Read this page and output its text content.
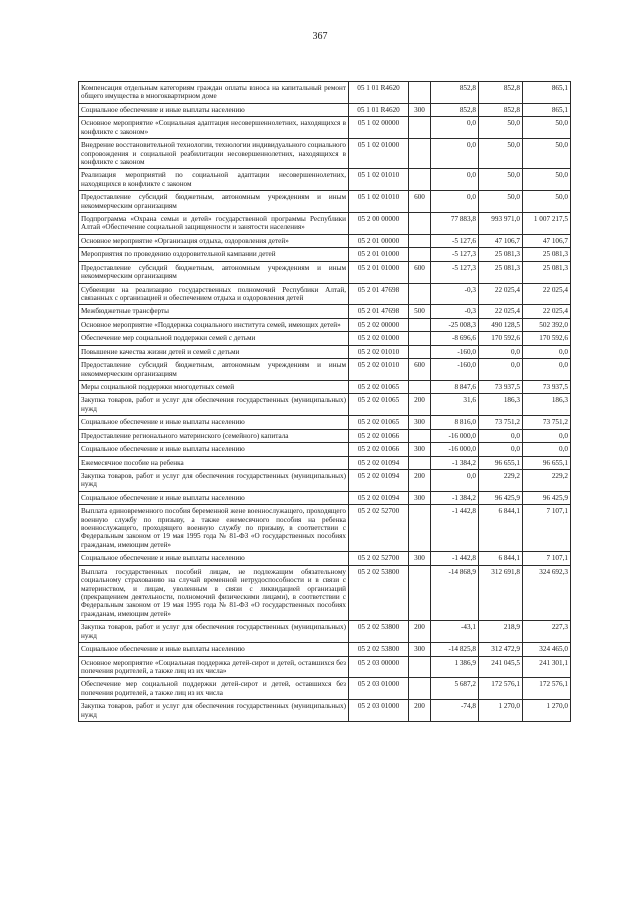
367
Компенсация отдельным категориям граждан оплаты взноса на капитальный ремонт общего имущества в многоквартирном доме	05 1 01 R4620		852,8	852,8	865,1
Социальное обеспечение и иные выплаты населению	05 1 01 R4620	300	852,8	852,8	865,1
Основное мероприятие «Социальная адаптация несовершеннолетних, находящихся в конфликте с законом»	05 1 02 00000		0,0	50,0	50,0
Внедрение восстановительной технологии, технологии индивидуального социального сопровождения и социальной реабилитации несовершеннолетних, находящихся в конфликте с законом	05 1 02 01000		0,0	50,0	50,0
Реализация мероприятий по социальной адаптации несовершеннолетних, находящихся в конфликте с законом	05 1 02 01010		0,0	50,0	50,0
Предоставление субсидий бюджетным, автономным учреждениям и иным некоммерческим организациям	05 1 02 01010	600	0,0	50,0	50,0
Подпрограмма «Охрана семьи и детей» государственной программы Республики Алтай «Обеспечение социальной защищенности и занятости населения»	05 2 00 00000		77 883,8	993 971,0	1 007 217,5
Основное мероприятие «Организация отдыха, оздоровления детей»	05 2 01 00000		-5 127,6	47 106,7	47 106,7
Мероприятия по проведению оздоровительной кампании детей	05 2 01 01000		-5 127,3	25 081,3	25 081,3
Предоставление субсидий бюджетным, автономным учреждениям и иным некоммерческим организациям	05 2 01 01000	600	-5 127,3	25 081,3	25 081,3
Субвенции на реализацию государственных полномочий Республики Алтай, связанных с организацией и обеспечением отдыха и оздоровления детей	05 2 01 47698		-0,3	22 025,4	22 025,4
Межбюджетные трансферты	05 2 01 47698	500	-0,3	22 025,4	22 025,4
Основное мероприятие «Поддержка социального института семей, имеющих детей»	05 2 02 00000		-25 008,3	490 128,5	502 392,0
Обеспечение мер социальной поддержки семей с детьми	05 2 02 01000		-8 696,6	170 592,6	170 592,6
Повышение качества жизни детей и семей с детьми	05 2 02 01010		-160,0	0,0	0,0
Предоставление субсидий бюджетным, автономным учреждениям и иным некоммерческим организациям	05 2 02 01010	600	-160,0	0,0	0,0
Меры социальной поддержки многодетных семей	05 2 02 01065		8 847,6	73 937,5	73 937,5
Закупка товаров, работ и услуг для обеспечения государственных (муниципальных) нужд	05 2 02 01065	200	31,6	186,3	186,3
Социальное обеспечение и иные выплаты населению	05 2 02 01065	300	8 816,0	73 751,2	73 751,2
Предоставление регионального материнского (семейного) капитала	05 2 02 01066		-16 000,0	0,0	0,0
Социальное обеспечение и иные выплаты населению	05 2 02 01066	300	-16 000,0	0,0	0,0
Ежемесячное пособие на ребенка	05 2 02 01094		-1 384,2	96 655,1	96 655,1
Закупка товаров, работ и услуг для обеспечения государственных (муниципальных) нужд	05 2 02 01094	200	0,0	229,2	229,2
Социальное обеспечение и иные выплаты населению	05 2 02 01094	300	-1 384,2	96 425,9	96 425,9
Выплата единовременного пособия беременной жене военнослужащего, проходящего военную службу по призыву, а также ежемесячного пособия на ребенка военнослужащего, проходящего военную службу по призыву, в соответствии с Федеральным законом от 19 мая 1995 года № 81-ФЗ «О государственных пособиях гражданам, имеющим детей»	05 2 02 52700		-1 442,8	6 844,1	7 107,1
Социальное обеспечение и иные выплаты населению	05 2 02 52700	300	-1 442,8	6 844,1	7 107,1
Выплата государственных пособий лицам, не подлежащим обязательному социальному страхованию на случай временной нетрудоспособности и в связи с материнством, и лицам, уволенным в связи с ликвидацией организаций (прекращением деятельности, полномочий физическими лицами), в соответствии с Федеральным законом от 19 мая 1995 года № 81-ФЗ «О государственных пособиях гражданам, имеющим детей»	05 2 02 53800		-14 868,9	312 691,8	324 692,3
Закупка товаров, работ и услуг для обеспечения государственных (муниципальных) нужд	05 2 02 53800	200	-43,1	218,9	227,3
Социальное обеспечение и иные выплаты населению	05 2 02 53800	300	-14 825,8	312 472,9	324 465,0
Основное мероприятие «Социальная поддержка детей-сирот и детей, оставшихся без попечения родителей, а также лиц из их числа»	05 2 03 00000		1 386,9	241 045,5	241 301,1
Обеспечение мер социальной поддержки детей-сирот и детей, оставшихся без попечения родителей, а также лиц из их числа	05 2 03 01000		5 687,2	172 576,1	172 576,1
Закупка товаров, работ и услуг для обеспечения государственных (муниципальных) нужд	05 2 03 01000	200	-74,8	1 270,0	1 270,0
